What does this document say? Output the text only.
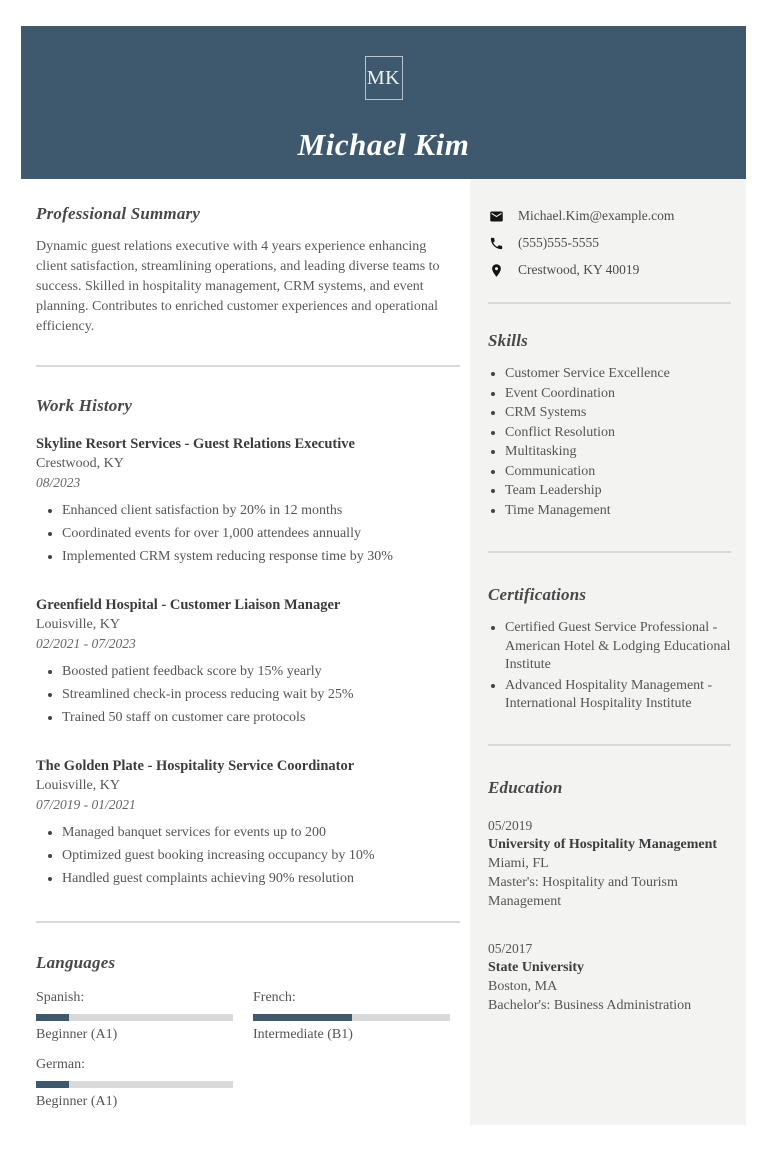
MK
Michael Kim
Professional Summary

Dynamic guest relations executive with 4 years experience enhancing client satisfaction, streamlining operations, and leading diverse teams to success. Skilled in hospitality management, CRM systems, and event planning. Contributes to enriched customer experiences and operational efficiency.

Work History
Skyline Resort Services - Guest Relations Executive
Crestwood, KY
08/2023
• Enhanced client satisfaction by 20% in 12 months
• Coordinated events for over 1,000 attendees annually
• Implemented CRM system reducing response time by 30%
Greenfield Hospital - Customer Liaison Manager
Louisville, KY
02/2021 - 07/2023
• Boosted patient feedback score by 15% yearly
• Streamlined check-in process reducing wait by 25%
• Trained 50 staff on customer care protocols
The Golden Plate - Hospitality Service Coordinator
Louisville, KY
07/2019 - 01/2021
• Managed banquet services for events up to 200
• Optimized guest booking increasing occupancy by 10%
• Handled guest complaints achieving 90% resolution
Languages
Spanish:
Beginner (A1)
French:
Intermediate (B1)
German:
Beginner (A1)
Michael.Kim@example.com
(555)555-5555
Crestwood, KY 40019
Skills
• Customer Service Excellence
• Event Coordination
• CRM Systems
• Conflict Resolution
• Multitasking
• Communication
• Team Leadership
• Time Management
Certifications
• Certified Guest Service Professional - American Hotel & Lodging Educational Institute
• Advanced Hospitality Management - International Hospitality Institute
Education
05/2019
University of Hospitality Management
Miami, FL
Master's: Hospitality and Tourism Management
05/2017
State University
Boston, MA
Bachelor's: Business Administration
